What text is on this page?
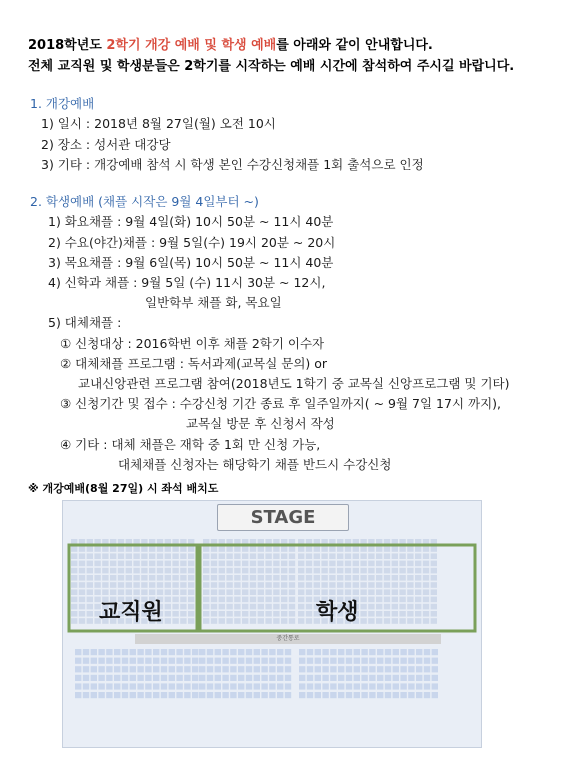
2018학년도 2학기 개강 예배 및 학생 예배를 아래와 같이 안내합니다.
전체 교직원 및 학생분들은 2학기를 시작하는 예배 시간에 참석하여 주시길 바랍니다.
1. 개강예배
1) 일시 : 2018년 8월 27일(월) 오전 10시
2) 장소 : 성서관 대강당
3) 기타 : 개강예배 참석 시 학생 본인 수강신청채플 1회 출석으로 인정
2. 학생예배 (채플 시작은 9월 4일부터 ~)
1) 화요채플 : 9월 4일(화) 10시 50분 ~ 11시 40분
2) 수요(야간)채플 : 9월 5일(수) 19시 20분 ~ 20시
3) 목요채플 : 9월 6일(목) 10시 50분 ~ 11시 40분
4) 신학과 채플 : 9월 5일 (수) 11시 30분 ~ 12시,
일반학부 채플 화, 목요일
5) 대체채플 :
① 신청대상 : 2016학번 이후 채플 2학기 이수자
② 대체채플 프로그램 : 독서과제(교목실 문의) or
교내신앙관련 프로그램 참여(2018년도 1학기 중 교목실 신앙프로그램 및 기타)
③ 신청기간 및 접수 : 수강신청 기간 종료 후 일주일까지( ~ 9월 7일 17시 까지),
교목실 방문 후 신청서 작성
④ 기타 : 대체 채플은 재학 중 1회 만 신청 가능,
대체채플 신청자는 해당학기 채플 반드시 수강신청
※ 개강예배(8월 27일) 시 좌석 배치도
STAGE
중간통로
교직원	학생
